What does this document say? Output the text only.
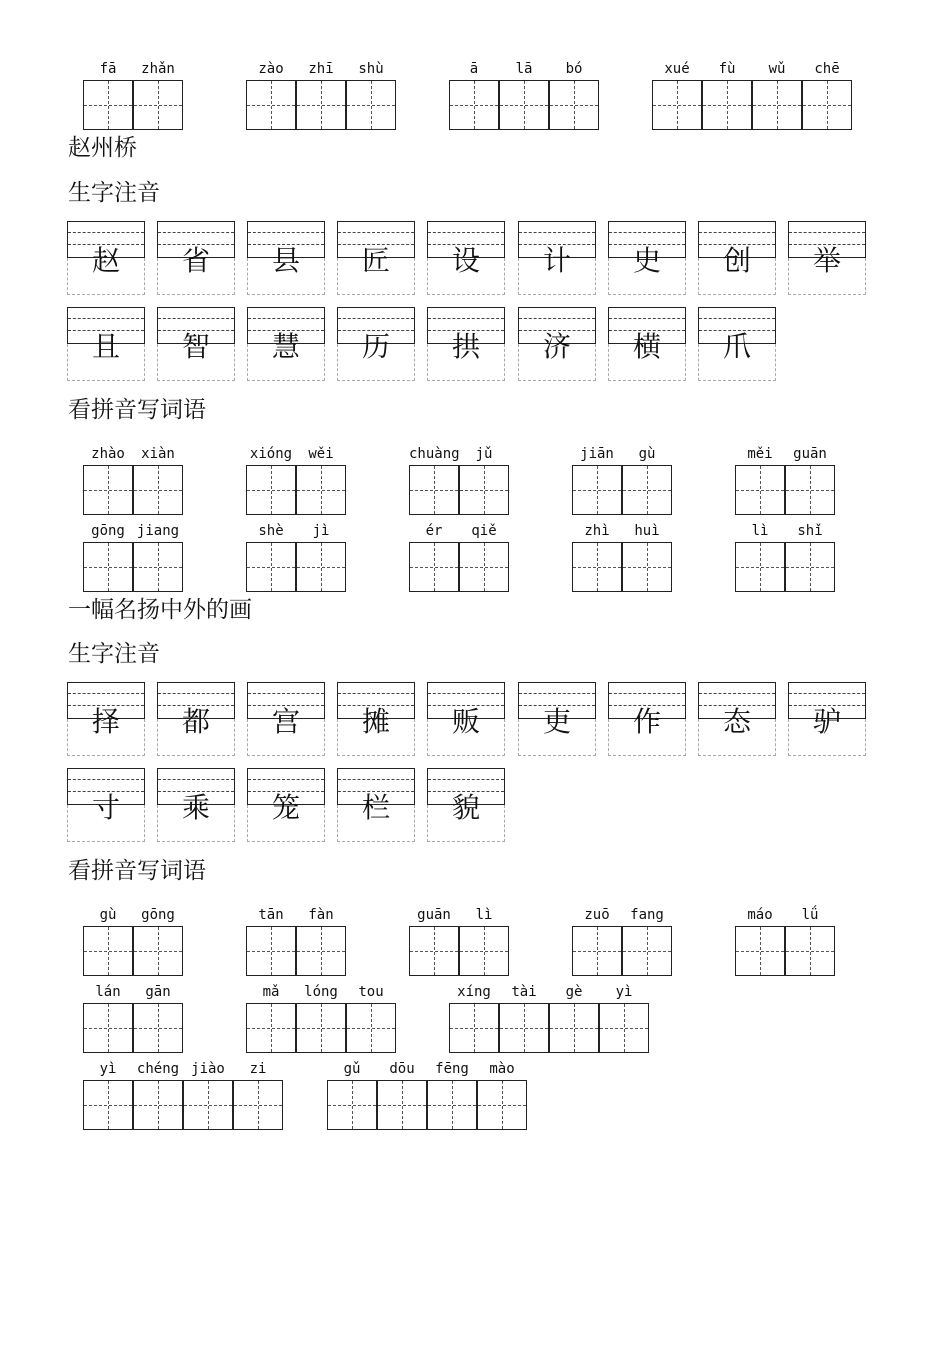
fā	zhǎn	zào	zhī	shù	ā	lā	bó	xué	fù	wǔ	chē
赵	省	县	匠	设	计	史	创	举
且	智	慧	历	拱	济	横	爪
择	都	宫	摊	贩	吏	作	态	驴
寸	乘	笼	栏	貌
zhào	xiàn	xióng	wěi	chuàng	jǔ	jiān	gù	měi	guān
gōng jiang	shè	jì	ér	qiě	zhì	huì	lì	shǐ
gù	gōng	tān	fàn	guān	lì	zuō	fang	máo	lǘ
lán	gān	mǎ	lóng	tou	xíng	tài	gè	yì
yì	chéng jiào	zi	gǔ	dōu	fēng	mào
赵州桥
生字注音
看拼音写词语
一幅名扬中外的画
生字注音
看拼音写词语
